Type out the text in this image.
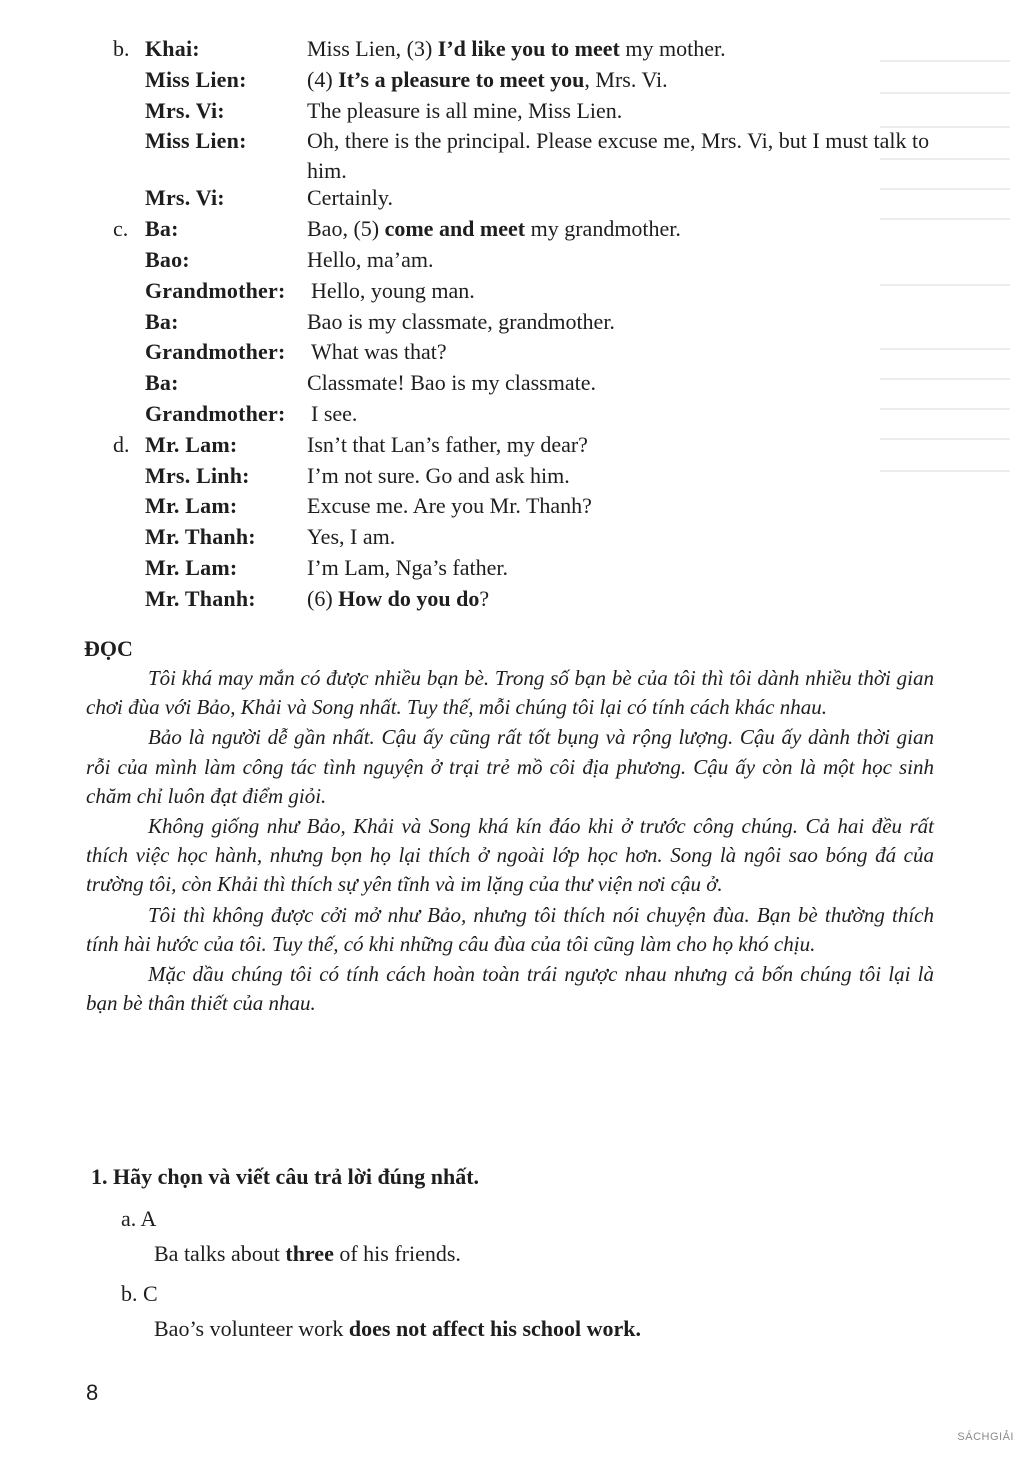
b. Khai:	Miss Lien, (3) I’d like you to meet my mother.
Miss Lien:	(4) It’s a pleasure to meet you, Mrs. Vi.
Mrs. Vi:	The pleasure is all mine, Miss Lien.
Miss Lien:	Oh, there is the principal. Please excuse me, Mrs. Vi, but I must talk to him.
Mrs. Vi:	Certainly.
c. Ba:	Bao, (5) come and meet my grandmother.
Bao:	Hello, ma’am.
Grandmother: Hello, young man.
Ba:	Bao is my classmate, grandmother.
Grandmother: What was that?
Ba:	Classmate! Bao is my classmate.
Grandmother: I see.
d. Mr. Lam:	Isn’t that Lan’s father, my dear?
Mrs. Linh:	I’m not sure. Go and ask him.
Mr. Lam:	Excuse me. Are you Mr. Thanh?
Mr. Thanh: Yes, I am.
Mr. Lam:	I’m Lam, Nga’s father.
Mr. Thanh: (6) How do you do?
ĐỌC

Tôi khá may mắn có được nhiều bạn bè. Trong số bạn bè của tôi thì tôi dành nhiều thời gian chơi đùa với Bảo, Khải và Song nhất. Tuy thế, mỗi chúng tôi lại có tính cách khác nhau.

Bảo là người dễ gần nhất. Cậu ấy cũng rất tốt bụng và rộng lượng. Cậu ấy dành thời gian rỗi của mình làm công tác tình nguyện ở trại trẻ mồ côi địa phương. Cậu ấy còn là một học sinh chăm chỉ luôn đạt điểm giỏi.

Không giống như Bảo, Khải và Song khá kín đáo khi ở trước công chúng. Cả hai đều rất thích việc học hành, nhưng bọn họ lại thích ở ngoài lớp học hơn. Song là ngôi sao bóng đá của trường tôi, còn Khải thì thích sự yên tĩnh và im lặng của thư viện nơi cậu ở.

Tôi thì không được cởi mở như Bảo, nhưng tôi thích nói chuyện đùa. Bạn bè thường thích tính hài hước của tôi. Tuy thế, có khi những câu đùa của tôi cũng làm cho họ khó chịu.

Mặc dầu chúng tôi có tính cách hoàn toàn trái ngược nhau nhưng cả bốn chúng tôi lại là bạn bè thân thiết của nhau.

1. Hãy chọn và viết câu trả lời đúng nhất.
a. A
Ba talks about three of his friends.
b. C
Bao’s volunteer work does not affect his school work.
8
SÁCHGIẢI
